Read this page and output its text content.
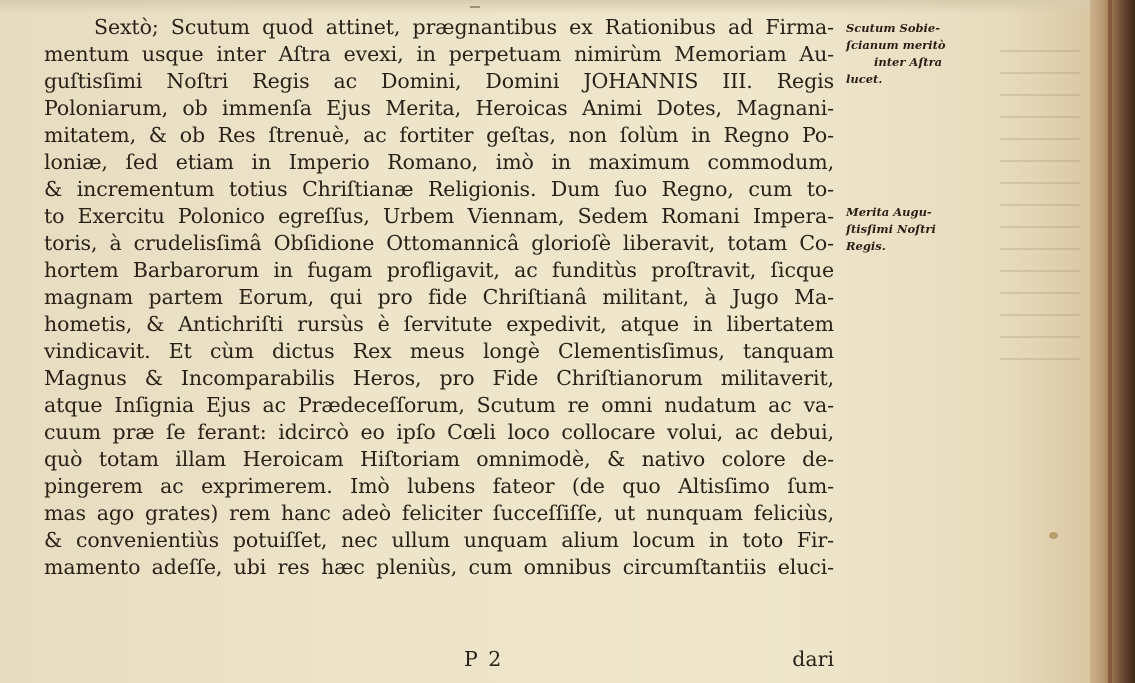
Sextò; Scutum quod attinet, prægnantibus ex Rationibus ad Firma-
mentum usque inter Aſtra evexi, in perpetuam nimirùm Memoriam Au-
guſtisſimi Noſtri Regis ac Domini, Domini JOHANNIS III. Regis
Poloniarum, ob immenſa Ejus Merita, Heroicas Animi Dotes, Magnani-
mitatem, & ob Res ſtrenuè, ac fortiter geſtas, non ſolùm in Regno Po-
loniæ, ſed etiam in Imperio Romano, imò in maximum commodum,
& incrementum totius Chriſtianæ Religionis. Dum ſuo Regno, cum to-
to Exercitu Polonico egreſſus, Urbem Viennam, Sedem Romani Impera-
toris, à crudelisſimâ Obſidione Ottomannicâ glorioſè liberavit, totam Co-
hortem Barbarorum in fugam profligavit, ac funditùs proſtravit, ſicque
magnam partem Eorum, qui pro fide Chriſtianâ militant, à Jugo Ma-
hometis, & Antichriſti rursùs è ſervitute expedivit, atque in libertatem
vindicavit. Et cùm dictus Rex meus longè Clementisſimus, tanquam
Magnus & Incomparabilis Heros, pro Fide Chriſtianorum militaverit,
atque Inſignia Ejus ac Prædeceſſorum, Scutum re omni nudatum ac va-
cuum præ ſe ferant: idcircò eo ipſo Cœli loco collocare volui, ac debui,
quò totam illam Heroicam Hiſtoriam omnimodè, & nativo colore de-
pingerem ac exprimerem. Imò lubens fateor (de quo Altisſimo ſum-
mas ago grates) rem hanc adeò feliciter ſucceſſiſſe, ut nunquam feliciùs,
& convenientiùs potuiſſet, nec ullum unquam alium locum in toto Fir-
mamento adeſſe, ubi res hæc pleniùs, cum omnibus circumſtantiis eluci-
Scutum Sobie-
ſcianum meritò
inter Aſtra
lucet.
Merita Augu-
ſtisſimi Noſtri
Regis.
P 2	dari
